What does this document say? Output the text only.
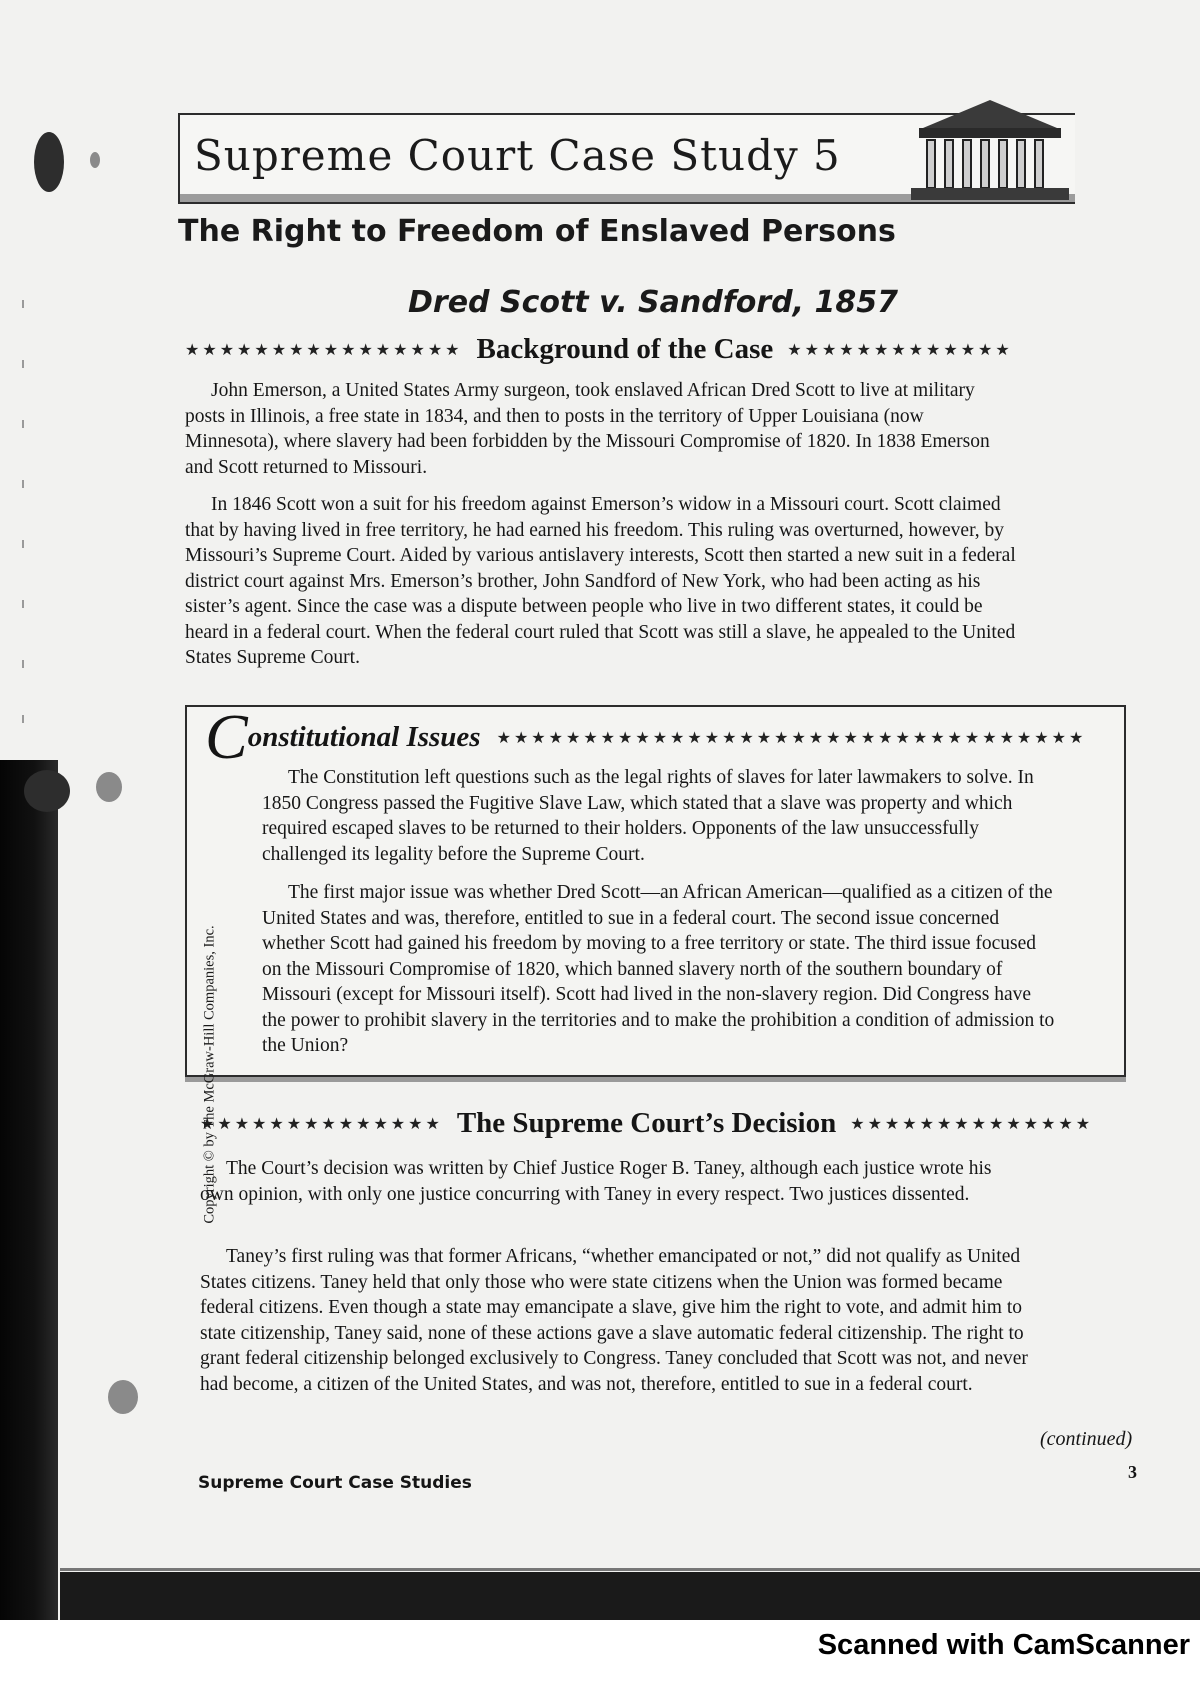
Supreme Court Case Study 5
The Right to Freedom of Enslaved Persons
Dred Scott v. Sandford, 1857
★★★★★★★★★★★★★★★★ Background of the Case ★★★★★★★★★★★★★

John Emerson, a United States Army surgeon, took enslaved African Dred Scott to live at military posts in Illinois, a free state in 1834, and then to posts in the territory of Upper Louisiana (now Minnesota), where slavery had been forbidden by the Missouri Compromise of 1820. In 1838 Emerson and Scott returned to Missouri.

In 1846 Scott won a suit for his freedom against Emerson’s widow in a Missouri court. Scott claimed that by having lived in free territory, he had earned his freedom. This ruling was overturned, however, by Missouri’s Supreme Court. Aided by various antislavery interests, Scott then started a new suit in a federal district court against Mrs. Emerson’s brother, John Sandford of New York, who had been acting as his sister’s agent. Since the case was a dispute between people who live in two different states, it could be heard in a federal court. When the federal court ruled that Scott was still a slave, he appealed to the United States Supreme Court.

C onstitutional Issues ★★★★★★★★★★★★★★★★★★★★★★★★★★★★★★★★★★

The Constitution left questions such as the legal rights of slaves for later lawmakers to solve. In 1850 Congress passed the Fugitive Slave Law, which stated that a slave was property and which required escaped slaves to be returned to their holders. Opponents of the law unsuccessfully challenged its legality before the Supreme Court.

The first major issue was whether Dred Scott—an African American—qualified as a citizen of the United States and was, therefore, entitled to sue in a federal court. The second issue concerned whether Scott had gained his freedom by moving to a free territory or state. The third issue focused on the Missouri Compromise of 1820, which banned slavery north of the southern boundary of Missouri (except for Missouri itself). Scott had lived in the non-slavery region. Did Congress have the power to prohibit slavery in the territories and to make the prohibition a condition of admission to the Union?

★★★★★★★★★★★★★★ The Supreme Court’s Decision ★★★★★★★★★★★★★★

The Court’s decision was written by Chief Justice Roger B. Taney, although each justice wrote his own opinion, with only one justice concurring with Taney in every respect. Two justices dissented.

Taney’s first ruling was that former Africans, “whether emancipated or not,” did not qualify as United States citizens. Taney held that only those who were state citizens when the Union was formed became federal citizens. Even though a state may emancipate a slave, give him the right to vote, and admit him to state citizenship, Taney said, none of these actions gave a slave automatic federal citizenship. The right to grant federal citizenship belonged exclusively to Congress. Taney concluded that Scott was not, and never had become, a citizen of the United States, and was not, therefore, entitled to sue in a federal court.

(continued)
Supreme Court Case Studies
3
Copyright © by The McGraw-Hill Companies, Inc.
Scanned with CamScanner
